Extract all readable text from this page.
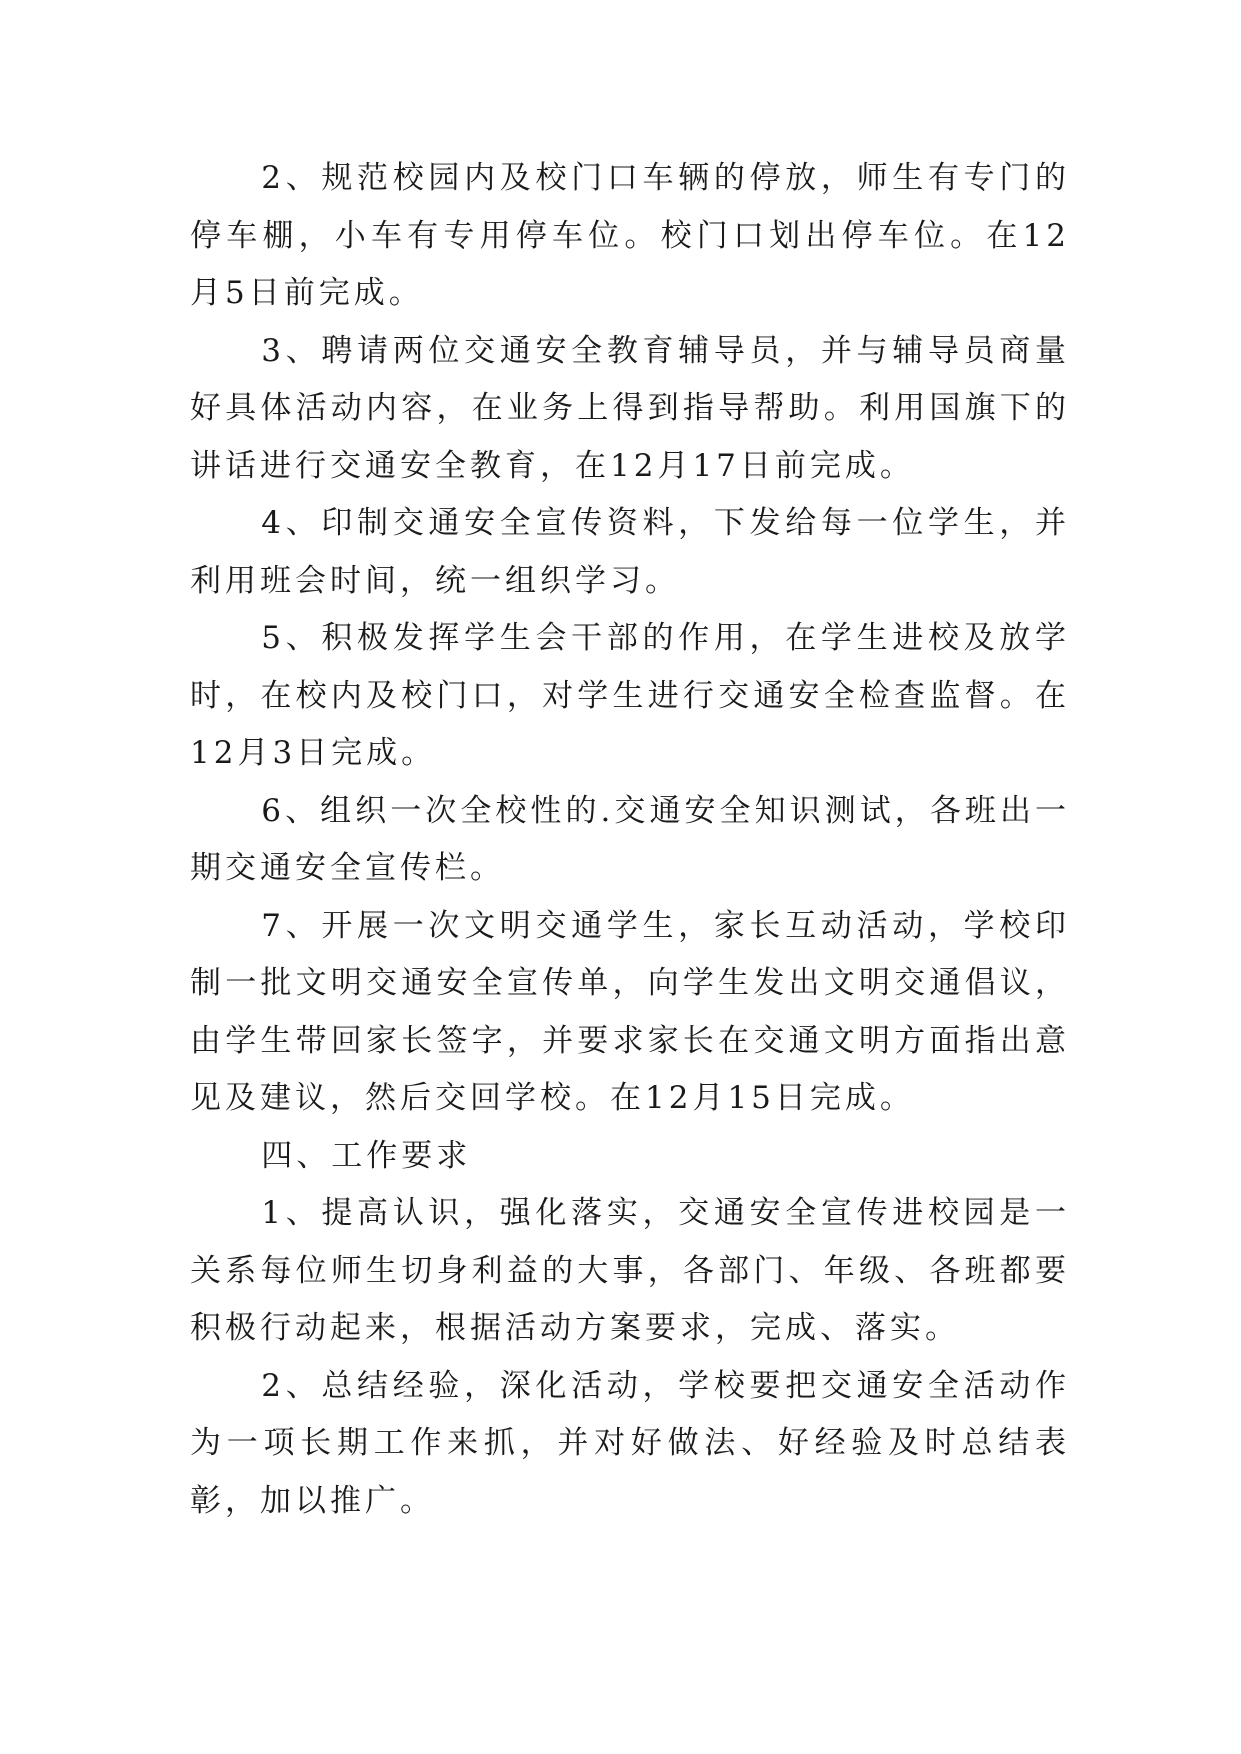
2、规范校园内及校门口车辆的停放，师生有专门的停车棚，小车有专用停车位。校门口划出停车位。在12月5日前完成。

3、聘请两位交通安全教育辅导员，并与辅导员商量好具体活动内容，在业务上得到指导帮助。利用国旗下的讲话进行交通安全教育，在12月17日前完成。

4、印制交通安全宣传资料，下发给每一位学生，并利用班会时间，统一组织学习。

5、积极发挥学生会干部的作用，在学生进校及放学时，在校内及校门口，对学生进行交通安全检查监督。在12月3日完成。

6、组织一次全校性的.交通安全知识测试，各班出一期交通安全宣传栏。

7、开展一次文明交通学生，家长互动活动，学校印制一批文明交通安全宣传单，向学生发出文明交通倡议，由学生带回家长签字，并要求家长在交通文明方面指出意见及建议，然后交回学校。在12月15日完成。

四、工作要求

1、提高认识，强化落实，交通安全宣传进校园是一关系每位师生切身利益的大事，各部门、年级、各班都要积极行动起来，根据活动方案要求，完成、落实。

2、总结经验，深化活动，学校要把交通安全活动作为一项长期工作来抓，并对好做法、好经验及时总结表彰，加以推广。
